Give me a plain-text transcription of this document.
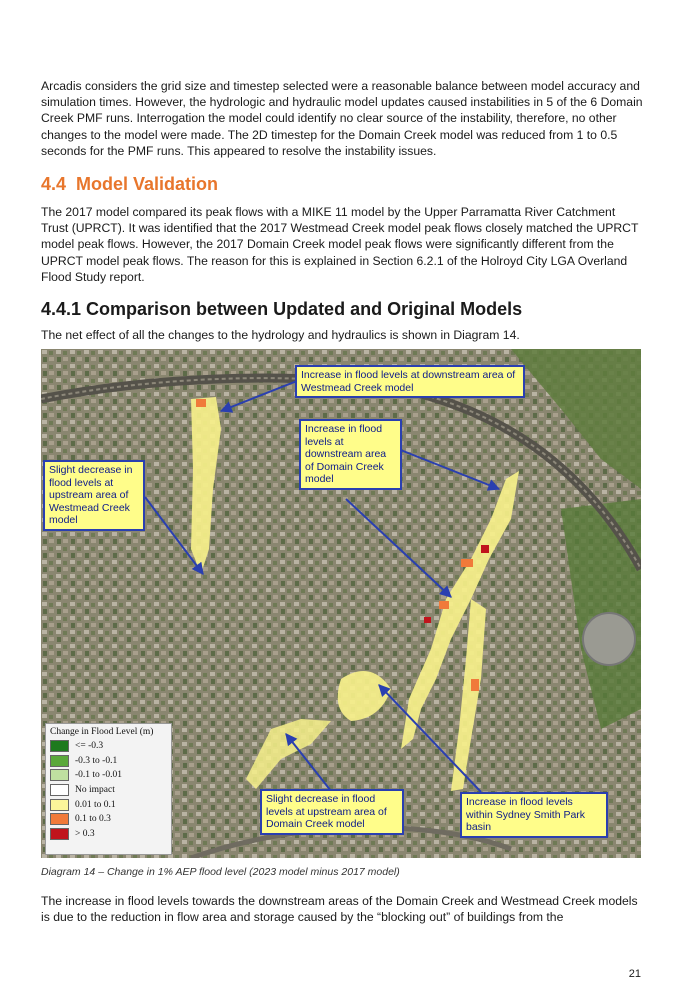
Arcadis considers the grid size and timestep selected were a reasonable balance between model accuracy and simulation times. However, the hydrologic and hydraulic model updates caused instabilities in 5 of the 6 Domain Creek PMF runs. Interrogation the model could identify no clear source of the instability, therefore, no other changes to the model were made. The 2D timestep for the Domain Creek model was reduced from 1 to 0.5 seconds for the PMF runs. This appeared to resolve the instability issues.

4.4 Model Validation

The 2017 model compared its peak flows with a MIKE 11 model by the Upper Parramatta River Catchment Trust (UPRCT). It was identified that the 2017 Westmead Creek model peak flows closely matched the UPRCT model peak flows. However, the 2017 Domain Creek model peak flows were significantly different from the UPRCT model peak flows. The reason for this is explained in Section 6.2.1 of the Holroyd City LGA Overland Flood Study report.

4.4.1 Comparison between Updated and Original Models

The net effect of all the changes to the hydrology and hydraulics is shown in Diagram 14.

Increase in flood levels at downstream area of Westmead Creek model
Increase in flood levels at downstream area of Domain Creek model
Slight decrease in flood levels at upstream area of Westmead Creek model
Slight decrease in flood levels at upstream area of Domain Creek model
Increase in flood levels within Sydney Smith Park basin
Change in Flood Level (m)
<= -0.3
-0.3 to -0.1
-0.1 to -0.01
No impact
0.01 to 0.1
0.1 to 0.3
> 0.3

Diagram 14 – Change in 1% AEP flood level (2023 model minus 2017 model)

The increase in flood levels towards the downstream areas of the Domain Creek and Westmead Creek models is due to the reduction in flow area and storage caused by the “blocking out” of buildings from the

21
